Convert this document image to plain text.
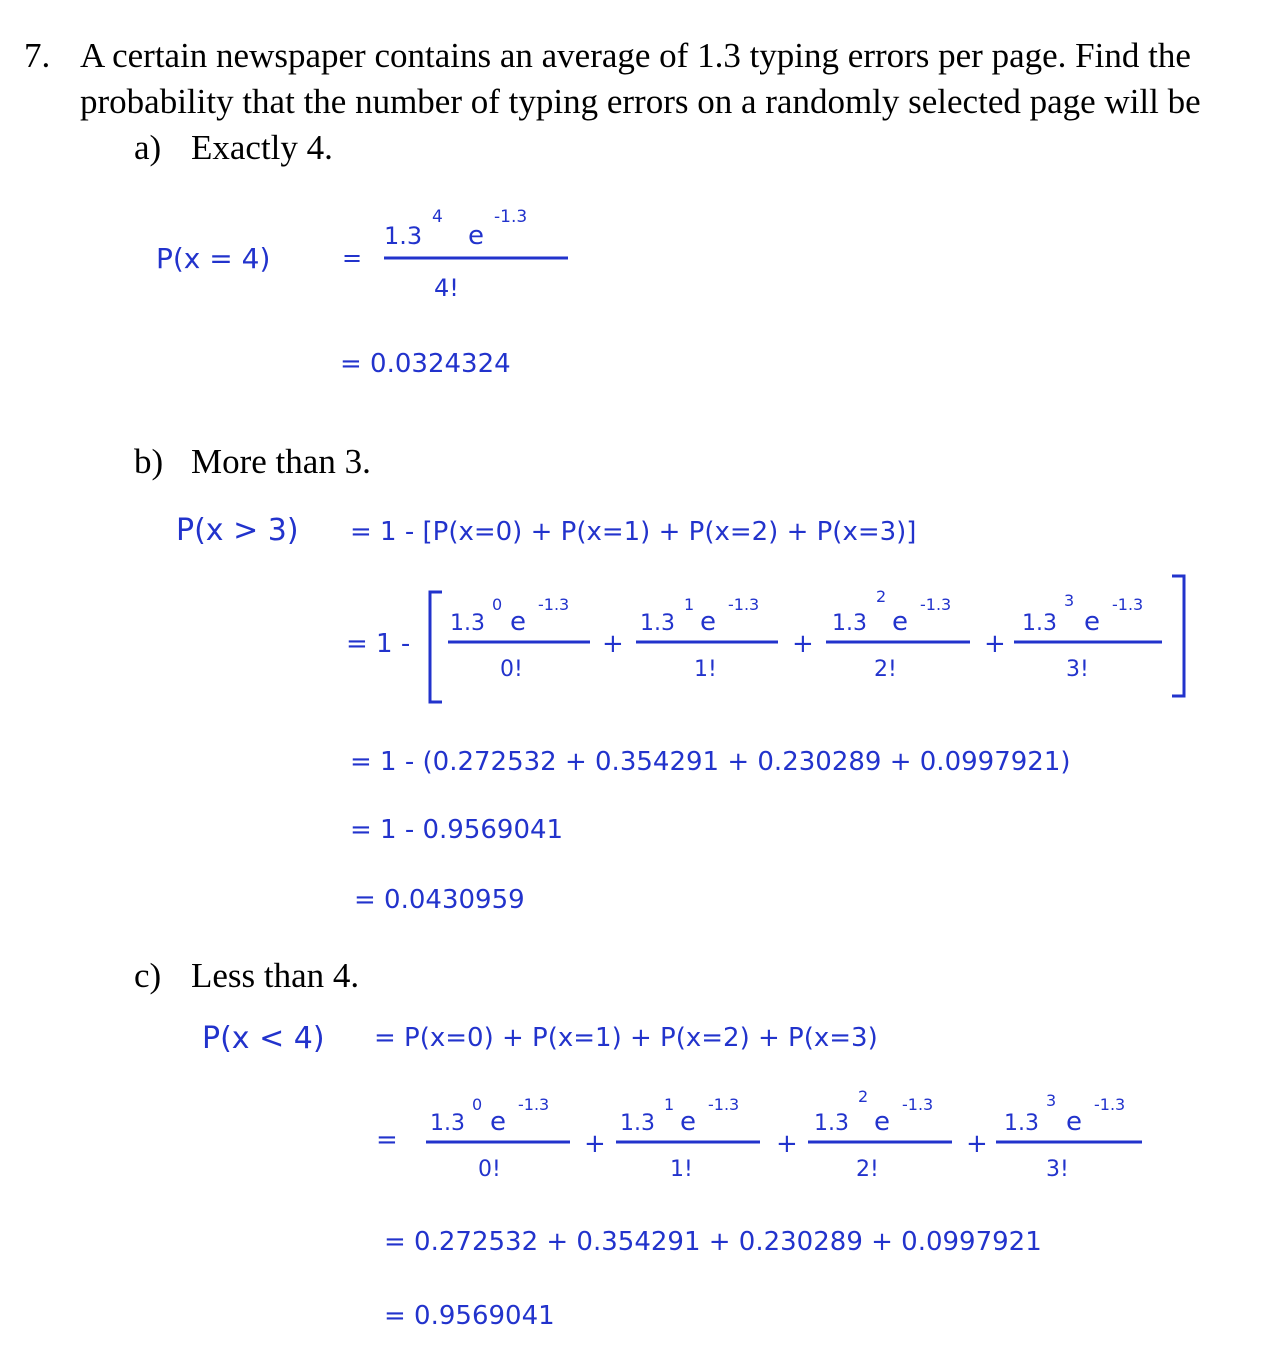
7. A certain newspaper contains an average of 1.3 typing errors per page. Find the
probability that the number of typing errors on a randomly selected page will be
a) Exactly 4.
b) More than 3.
c) Less than 4.
P(x = 4)	=
1.3
4
e
-1.3
4!
= 0.0324324
P(x > 3) = 1 - [P(x=0) + P(x=1) + P(x=2) + P(x=3)]
= 1 -
1.3
0
e
-1.3
0!
+
1.3
1
e
-1.3
1!
+
1.3
2
e
-1.3
2!
+
1.3
3
e
-1.3
3!
= 1 - (0.272532 + 0.354291 + 0.230289 + 0.0997921)
= 1 - 0.9569041
= 0.0430959
P(x < 4) = P(x=0) + P(x=1) + P(x=2) + P(x=3)
=
1.3
0
e
-1.3
0!
+
1.3
1
e
-1.3
1!
+
1.3
2
e
-1.3
2!
+
1.3
3
e
-1.3
3!
= 0.272532 + 0.354291 + 0.230289 + 0.0997921
= 0.9569041
